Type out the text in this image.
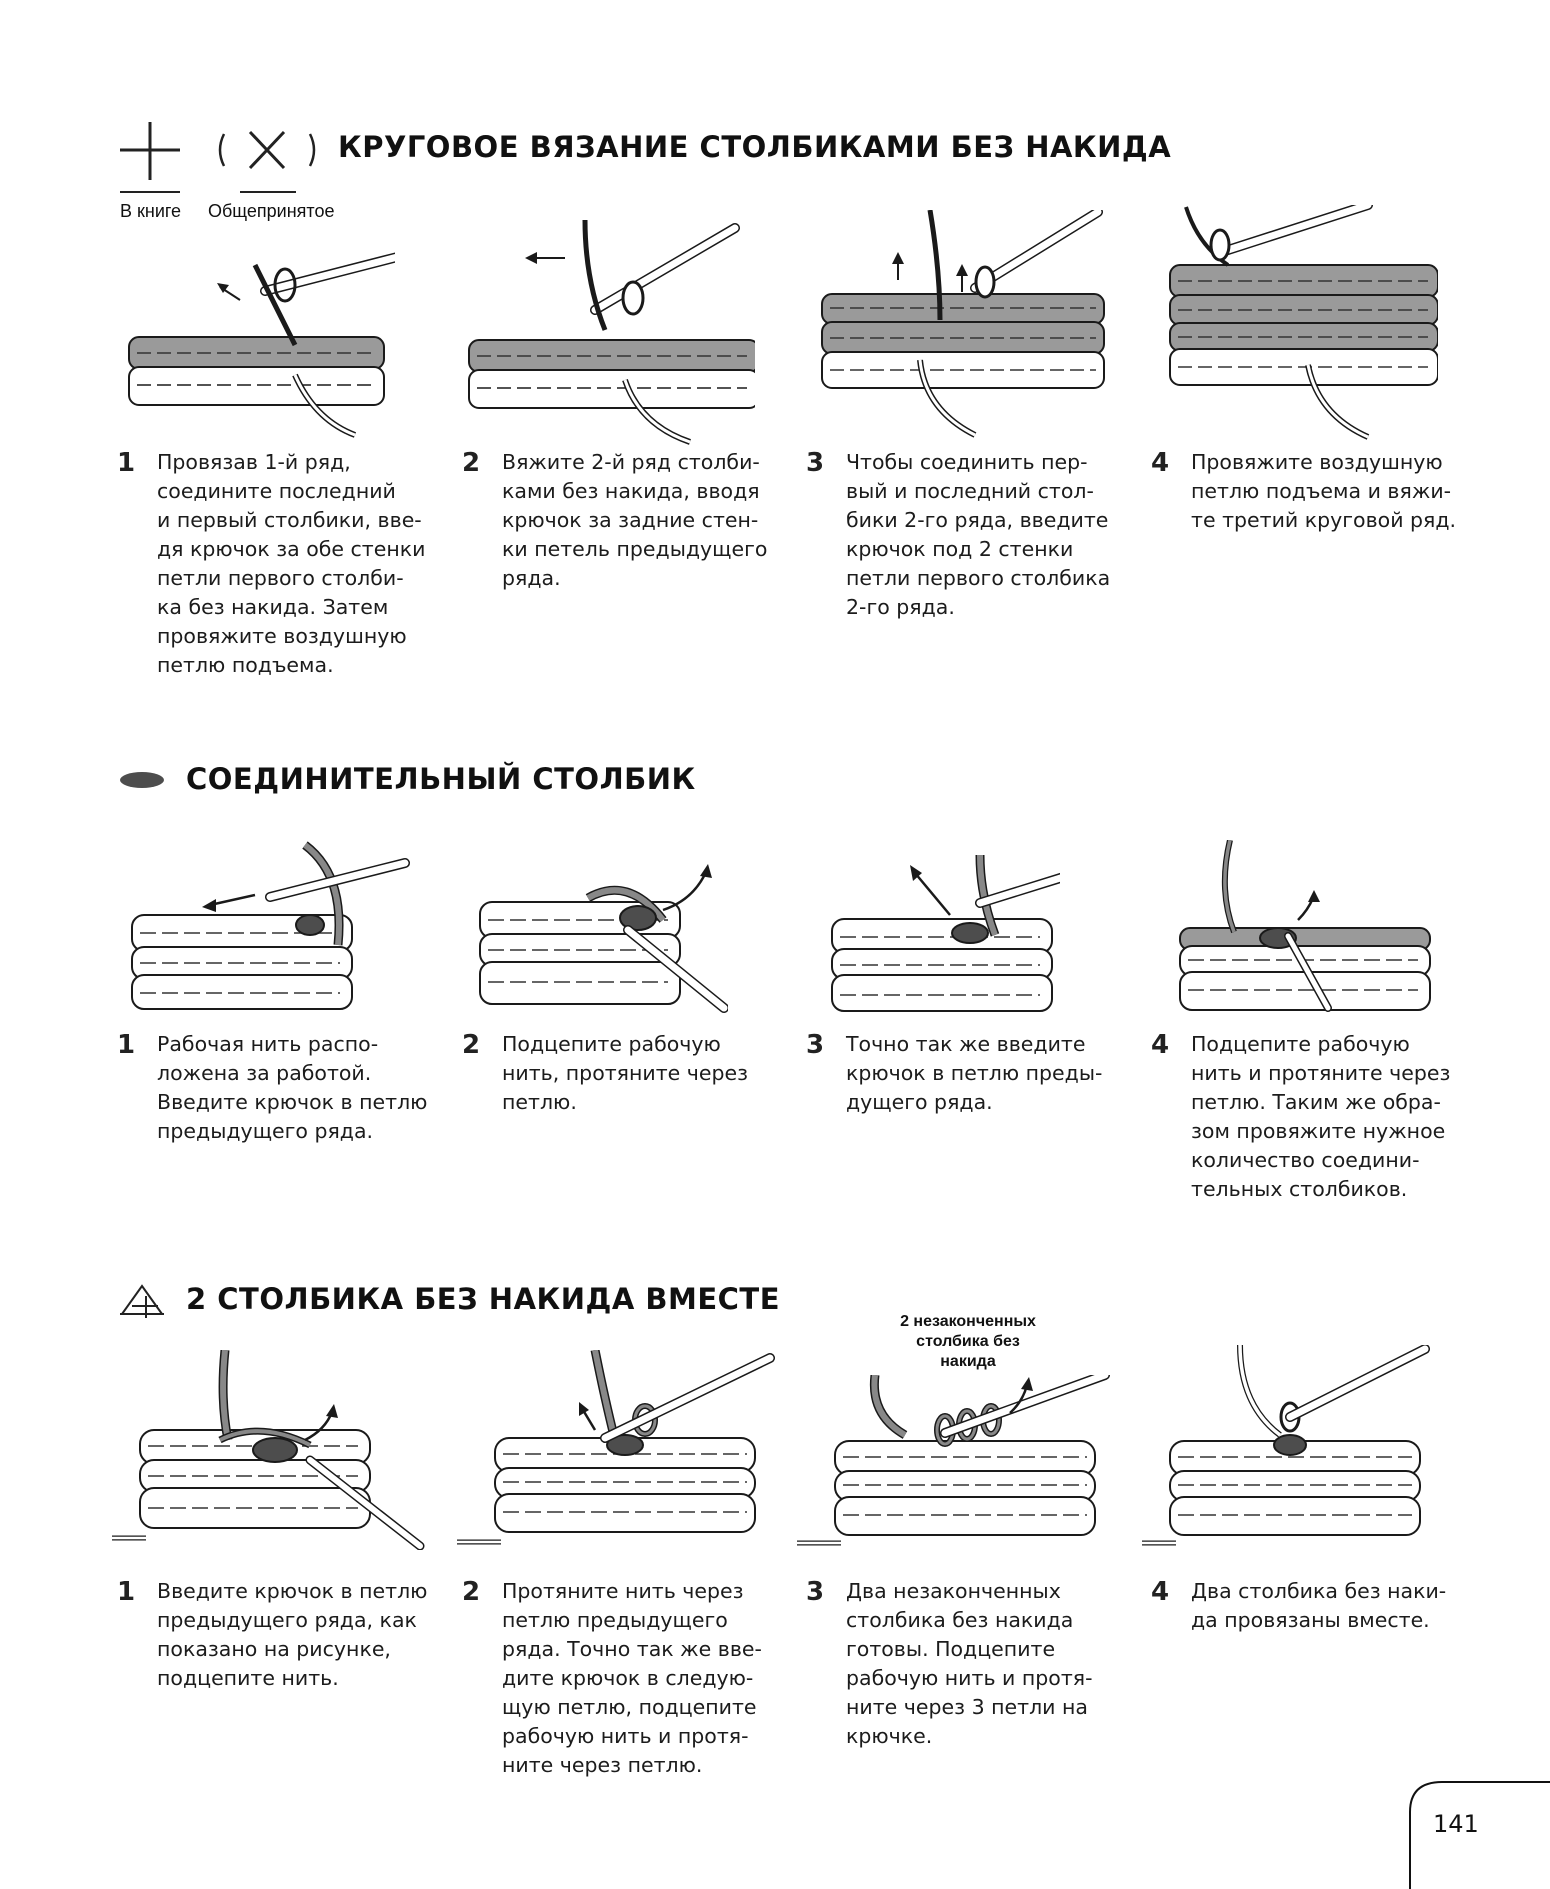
В книге Общепринятое
КРУГОВОЕ ВЯЗАНИЕ СТОЛБИКАМИ БЕЗ НАКИДА
1 Провязав 1-й ряд,
соедините последний
и первый столбики, вве-
дя крючок за обе стенки
петли первого столби-
ка без накида. Затем
провяжите воздушную
петлю подъема.
2 Вяжите 2-й ряд столби-
ками без накида, вводя
крючок за задние стен-
ки петель предыдущего
ряда.
3 Чтобы соединить пер-
вый и последний стол-
бики 2-го ряда, введите
крючок под 2 стенки
петли первого столбика
2-го ряда.
4 Провяжите воздушную
петлю подъема и вяжи-
те третий круговой ряд.
СОЕДИНИТЕЛЬНЫЙ СТОЛБИК
1 Рабочая нить распо-
ложена за работой.
Введите крючок в петлю
предыдущего ряда.
2 Подцепите рабочую
нить, протяните через
петлю.
3 Точно так же введите
крючок в петлю преды-
дущего ряда.
4 Подцепите рабочую
нить и протяните через
петлю. Таким же обра-
зом провяжите нужное
количество соедини-
тельных столбиков.
2 СТОЛБИКА БЕЗ НАКИДА ВМЕСТЕ
2 незаконченных
столбика без
накида
1 Введите крючок в петлю
предыдущего ряда, как
показано на рисунке,
подцепите нить.
2 Протяните нить через
петлю предыдущего
ряда. Точно так же вве-
дите крючок в следую-
щую петлю, подцепите
рабочую нить и протя-
ните через петлю.
3 Два незаконченных
столбика без накида
готовы. Подцепите
рабочую нить и протя-
ните через 3 петли на
крючке.
4 Два столбика без наки-
да провязаны вместе.
141
